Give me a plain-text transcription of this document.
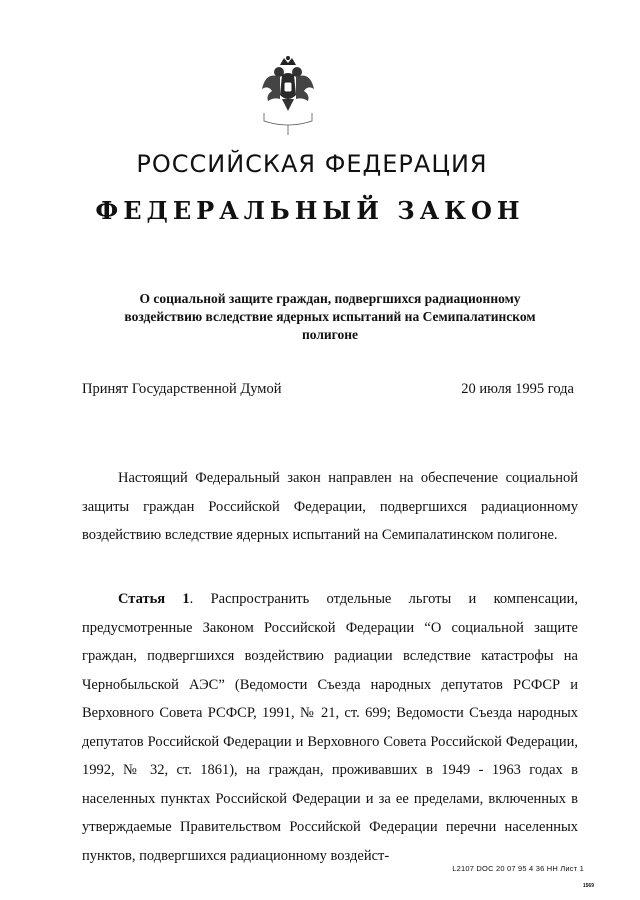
РОССИЙСКАЯ ФЕДЕРАЦИЯ
ФЕДЕРАЛЬНЫЙ ЗАКОН
О социальной защите граждан, подвергшихся радиационному воздействию вследствие ядерных испытаний на Семипалатинском полигоне
Принят Государственной Думой	20 июля 1995 года
Настоящий Федеральный закон направлен на обеспечение социальной защиты граждан Российской Федерации, подвергшихся радиационному воздействию вследствие ядерных испытаний на Семипалатинском полигоне.
Статья 1. Распространить отдельные льготы и компенсации, предусмотренные Законом Российской Федерации “О социальной защите граждан, подвергшихся воздействию радиации вследствие катастрофы на Чернобыльской АЭС” (Ведомости Съезда народных депутатов РСФСР и Верховного Совета РСФСР, 1991, № 21, ст. 699; Ведомости Съезда народных депутатов Российской Федерации и Верховного Совета Российской Федерации, 1992, № 32, ст. 1861), на граждан, проживавших в 1949 - 1963 годах в населенных пунктах Российской Федерации и за ее пределами, включенных в утверждаемые Правительством Российской Федерации перечни населенных пунктов, подвергшихся радиационному воздейст-
L2107 DOC 20 07 95 4 36 HH Лист 1
1569
